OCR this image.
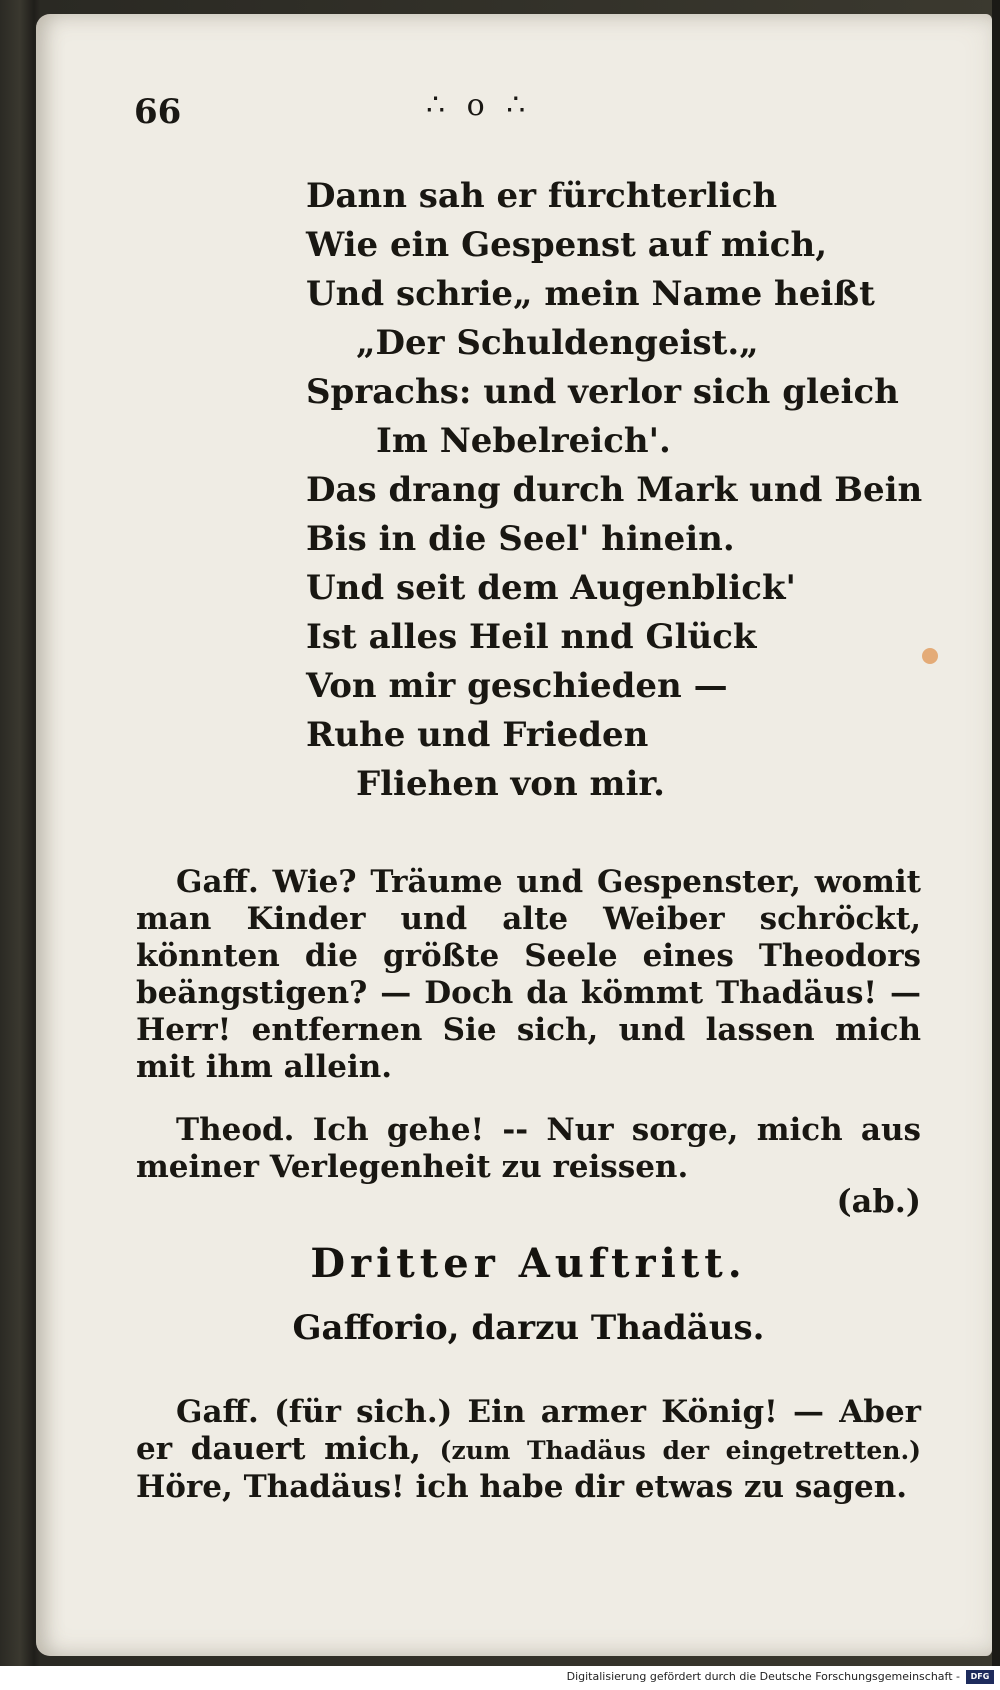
66	∴ o ∴
Dann sah er fürchterlich
Wie ein Gespenst auf mich,
Und schrie„ mein Name heißt
„Der Schuldengeist.„
Sprachs: und verlor sich gleich
Im Nebelreich'.
Das drang durch Mark und Bein
Bis in die Seel' hinein.
Und seit dem Augenblick'
Ist alles Heil nnd Glück
Von mir geschieden —
Ruhe und Frieden
Fliehen von mir.
Gaff. Wie? Träume und Gespenster, womit man Kinder und alte Weiber schröckt, könnten die größte Seele eines Theodors beängstigen? — Doch da kömmt Thadäus! — Herr! entfernen Sie sich, und lassen mich mit ihm allein.
Theod. Ich gehe! -- Nur sorge, mich aus meiner Verlegenheit zu reissen.
(ab.)
Dritter Auftritt.
Gafforio, darzu Thadäus.
Gaff. (für sich.) Ein armer König! — Aber er dauert mich, (zum Thadäus der eingetretten.) Höre, Thadäus! ich habe dir etwas zu sagen.
Digitalisierung gefördert durch die Deutsche Forschungsgemeinschaft -	DFG
